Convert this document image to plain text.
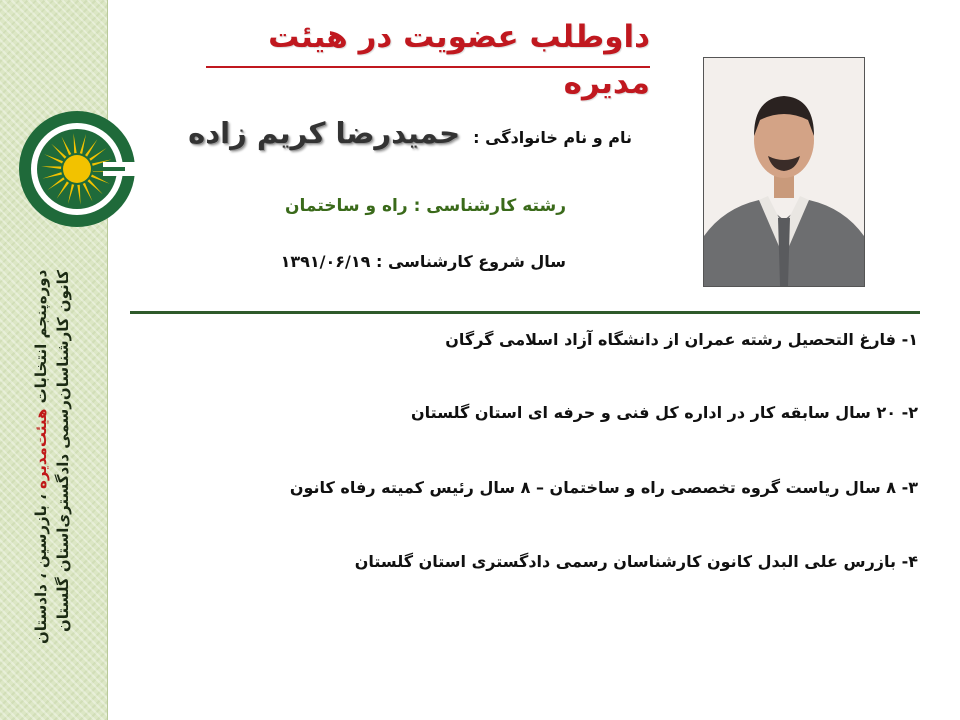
دوره‌پنجم انتخابات هیئت‌مدیره ، بازرسین ، دادستان کانون کارشناسان‌رسمی دادگستری‌استان گلستان
داوطلب عضویت در هیئت مدیره
نام و نام خانوادگی : حمیدرضا کریم زاده
رشته کارشناسی : راه و ساختمان
سال شروع کارشناسی : ۱۳۹۱/۰۶/۱۹
۱- فارغ التحصیل رشته عمران از دانشگاه آزاد اسلامی گرگان
۲- ۲۰ سال سابقه کار در اداره کل فنی و حرفه ای استان گلستان
۳- ۸ سال ریاست گروه تخصصی راه و ساختمان – ۸ سال رئیس کمیته رفاه کانون
۴- بازرس علی البدل کانون کارشناسان رسمی دادگستری استان گلستان
